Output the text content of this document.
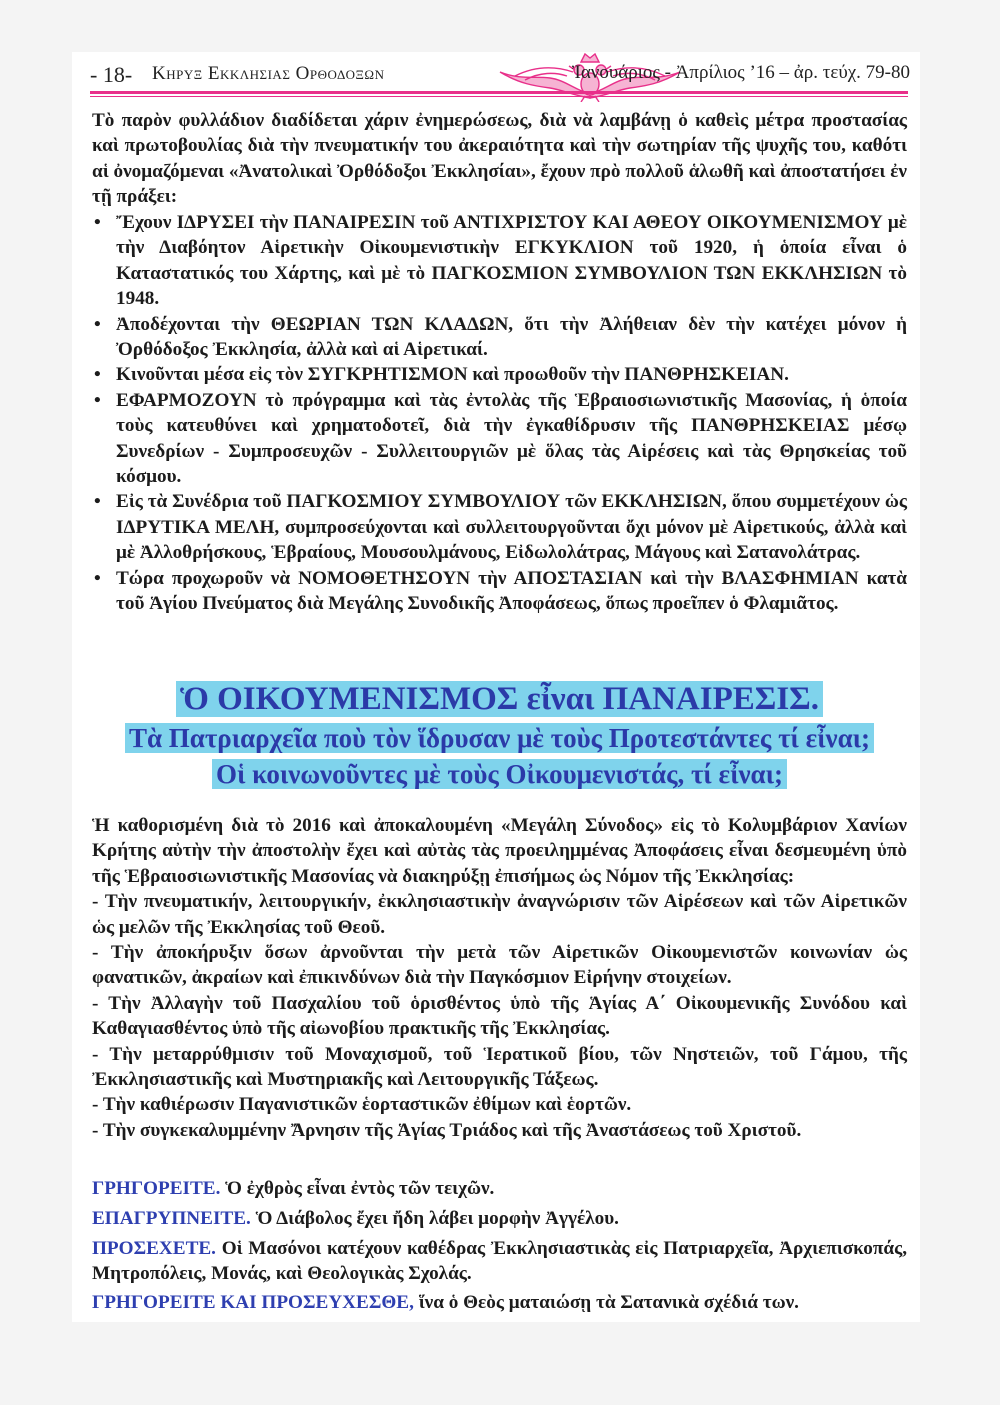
- 18- Κηρυξ Εκκλησιας Ορθοδοξων	Ἰανουάριος - Ἀπρίλιος ’16 – ἀρ. τεύχ. 79-80
Τὸ παρὸν φυλλάδιον διαδίδεται χάριν ἐνημερώσεως, διὰ νὰ λαμβάνῃ ὁ καθεὶς μέτρα προστασίας καὶ πρωτοβουλίας διὰ τὴν πνευματικήν του ἀκεραιότητα καὶ τὴν σωτηρίαν τῆς ψυχῆς του, καθότι αἱ ὀνομαζόμεναι «Ἀνατολικαὶ Ὀρθόδοξοι Ἐκκλησίαι», ἔχουν πρὸ πολλοῦ ἁλωθῆ καὶ ἀποστατήσει ἐν τῇ πράξει:
• Ἔχουν ΙΔΡΥΣΕΙ τὴν ΠΑΝΑΙΡΕΣΙΝ τοῦ ΑΝΤΙΧΡΙΣΤΟΥ ΚΑΙ ΑΘΕΟΥ ΟΙΚΟΥΜΕΝΙΣΜΟΥ μὲ τὴν Διαβόητον Αἱρετικὴν Οἰκουμενιστικὴν ΕΓΚΥΚΛΙΟΝ τοῦ 1920, ἡ ὁποία εἶναι ὁ Καταστατικός του Χάρτης, καὶ μὲ τὸ ΠΑΓΚΟΣΜΙΟΝ ΣΥΜΒΟΥΛΙΟΝ ΤΩΝ ΕΚΚΛΗΣΙΩΝ τὸ 1948.
• Ἀποδέχονται τὴν ΘΕΩΡΙΑΝ ΤΩΝ ΚΛΑΔΩΝ, ὅτι τὴν Ἀλήθειαν δὲν τὴν κατέχει μόνον ἡ Ὀρθόδοξος Ἐκκλησία, ἀλλὰ καὶ αἱ Αἱρετικαί.
• Κινοῦνται μέσα εἰς τὸν ΣΥΓΚΡΗΤΙΣΜΟΝ καὶ προωθοῦν τὴν ΠΑΝΘΡΗΣΚΕΙΑΝ.
• ΕΦΑΡΜΟΖΟΥΝ τὸ πρόγραμμα καὶ τὰς ἐντολὰς τῆς Ἑβραιοσιωνιστικῆς Μασονίας, ἡ ὁποία τοὺς κατευθύνει καὶ χρηματοδοτεῖ, διὰ τὴν ἐγκαθίδρυσιν τῆς ΠΑΝΘΡΗΣΚΕΙΑΣ μέσῳ Συνεδρίων - Συμπροσευχῶν - Συλλειτουργιῶν μὲ ὅλας τὰς Αἱρέσεις καὶ τὰς Θρησκείας τοῦ κόσμου.
• Εἰς τὰ Συνέδρια τοῦ ΠΑΓΚΟΣΜΙΟΥ ΣΥΜΒΟΥΛΙΟΥ τῶν ΕΚΚΛΗΣΙΩΝ, ὅπου συμμετέχουν ὡς ΙΔΡΥΤΙΚΑ ΜΕΛΗ, συμπροσεύχονται καὶ συλλειτουργοῦνται ὄχι μόνον μὲ Αἱρετικούς, ἀλλὰ καὶ μὲ Ἀλλοθρήσκους, Ἑβραίους, Μουσουλμάνους, Εἰδωλολάτρας, Μάγους καὶ Σατανολάτρας.
• Τώρα προχωροῦν νὰ ΝΟΜΟΘΕΤΗΣΟΥΝ τὴν ΑΠΟΣΤΑΣΙΑΝ καὶ τὴν ΒΛΑΣΦΗΜΙΑΝ κατὰ τοῦ Ἁγίου Πνεύματος διὰ Μεγάλης Συνοδικῆς Ἀποφάσεως, ὅπως προεῖπεν ὁ Φλαμιᾶτος.
Ὁ ΟΙΚΟΥΜΕΝΙΣΜΟΣ εἶναι ΠΑΝΑΙΡΕΣΙΣ.
Τὰ Πατριαρχεῖα ποὺ τὸν ἵδρυσαν μὲ τοὺς Προτεστάντες τί εἶναι;
Οἱ κοινωνοῦντες μὲ τοὺς Οἰκουμενιστάς, τί εἶναι;
Ἡ καθορισμένη διὰ τὸ 2016 καὶ ἀποκαλουμένη «Μεγάλη Σύνοδος» εἰς τὸ Κολυμβάριον Χανίων Κρήτης αὐτὴν τὴν ἀποστολὴν ἔχει καὶ αὐτὰς τὰς προειλημμένας Ἀποφάσεις εἶναι δεσμευμένη ὑπὸ τῆς Ἑβραιοσιωνιστικῆς Μασονίας νὰ διακηρύξῃ ἐπισήμως ὡς Νόμον τῆς Ἐκκλησίας:
- Τὴν πνευματικήν, λειτουργικήν, ἐκκλησιαστικὴν ἀναγνώρισιν τῶν Αἱρέσεων καὶ τῶν Αἱρετικῶν ὡς μελῶν τῆς Ἐκκλησίας τοῦ Θεοῦ.
- Τὴν ἀποκήρυξιν ὅσων ἀρνοῦνται τὴν μετὰ τῶν Αἱρετικῶν Οἰκουμενιστῶν κοινωνίαν ὡς φανατικῶν, ἀκραίων καὶ ἐπικινδύνων διὰ τὴν Παγκόσμιον Εἰρήνην στοιχείων.
- Τὴν Ἀλλαγὴν τοῦ Πασχαλίου τοῦ ὁρισθέντος ὑπὸ τῆς Ἁγίας Α΄ Οἰκουμενικῆς Συνόδου καὶ Καθαγιασθέντος ὑπὸ τῆς αἰωνοβίου πρακτικῆς τῆς Ἐκκλησίας.
- Τὴν μεταρρύθμισιν τοῦ Μοναχισμοῦ, τοῦ Ἱερατικοῦ βίου, τῶν Νηστειῶν, τοῦ Γάμου, τῆς Ἐκκλησιαστικῆς καὶ Μυστηριακῆς καὶ Λειτουργικῆς Τάξεως.
- Τὴν καθιέρωσιν Παγανιστικῶν ἑορταστικῶν ἐθίμων καὶ ἑορτῶν.
- Τὴν συγκεκαλυμμένην Ἄρνησιν τῆς Ἁγίας Τριάδος καὶ τῆς Ἀναστάσεως τοῦ Χριστοῦ.
ΓΡΗΓΟΡΕΙΤΕ. Ὁ ἐχθρὸς εἶναι ἐντὸς τῶν τειχῶν.
ΕΠΑΓΡΥΠΝΕΙΤΕ. Ὁ Διάβολος ἔχει ἤδη λάβει μορφὴν Ἀγγέλου.
ΠΡΟΣΕΧΕΤΕ. Οἱ Μασόνοι κατέχουν καθέδρας Ἐκκλησιαστικὰς εἰς Πατριαρχεῖα, Ἀρχιεπισκοπάς, Μητροπόλεις, Μονάς, καὶ Θεολογικὰς Σχολάς.
ΓΡΗΓΟΡΕΙΤΕ ΚΑΙ ΠΡΟΣΕΥΧΕΣΘΕ, ἵνα ὁ Θεὸς ματαιώσῃ τὰ Σατανικὰ σχέδιά των.
